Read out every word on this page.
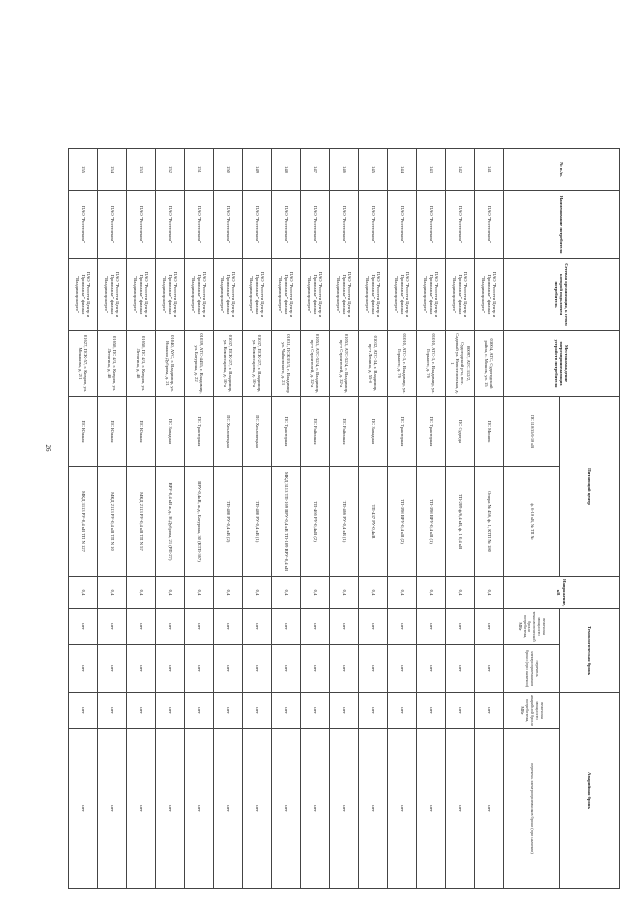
26
№ п./п.	Наименование потребителя	Сетевая организация, к сетям которой подключен потребитель	Местонахождение энергопринимающих устройств потребителя	Питающий центр		Напряжение, кВ	Технологическая бронь		Аварийная бронь	
				ПС 110/35/6-10 кВ	ф. 6-10 кВ, № ТП №		величина мощности технологической брони потребителя, МВт	перечень электроприемников брони (при наличии)	величина мощности аварийной брони потребителя, МВт	перечень электроприемников брони (при наличии)
141	ПАО "Ростелеком"	ПАО "Россети Центр и Приволжье" филиал "Владимирэнерго"	03004, АТС, Судогодский район, с. Мошок, ул. 15	ПС Мошок	Опора № 456, ф. 1, КТП № 180	0,4	нет	нет	нет	нет
142	ПАО "Ростелеком"	ПАО "Россети Центр и Приволжье" филиал "Владимирэнерго"	00097, АТС 312/2, Судогодский р-н, пос. Садовый ул. Новоселовская, д. 1	ПС Судогда	ТП-209 ф/6,4 кВ, ф. 1 0,4 кВ	0,4	нет	нет	нет	нет
143	ПАО "Ростелеком"	ПАО "Россети Центр и Приволжье" филиал "Владимирэнерго"	01010, АТС-3, г. Владимир, ул. Горького, д. 76	ПС Тракторная	ТП-398 ВРУ-0,4 кВ (1)	0,4	нет	нет	нет	нет
144	ПАО "Ростелеком"	ПАО "Россети Центр и Приволжье" филиал "Владимирэнерго"	01010, АТС-3, г. Владимир, ул. Горького, д. 76	ПС Тракторная	ТП-398 ВРУ-0,4 кВ (2)	0,4	нет	нет	нет	нет
145	ПАО "Ростелеком"	ПАО "Россети Центр и Приволжье" филиал "Владимирэнерго"	01032, АТС-34, г. Владимир, пр-т Ленина, д. 55-б	ПС Западная	ТП-437 РУ-0,4кВ	0,4	нет	нет	нет	нет
146	ПАО "Ростелеком"	ПАО "Россети Центр и Приволжье" филиал "Владимирэнерго"	01053, АТС-52/4, г. Владимир, пр-т Строителей, д. 32-а	ПС Районная	ТП-466 РУ-0,4 кВ (1)	0,4	нет	нет	нет	нет
147	ПАО "Ростелеком"	ПАО "Россети Центр и Приволжье" филиал "Владимирэнерго"	01053, АТС-52/4, г. Владимир, пр-т Строителей, д. 32-а	ПС Районная	ТП-466 РУ-0,4кВ (2)	0,4	нет	нет	нет	нет
148	ПАО "Ростелеком"	ПАО "Россети Центр и Приволжье" филиал "Владимирэнерго"	01031, ПСКЗ/3/3, г. Владимир ул. Чайковского, д. 23	ПС Тракторная	МКД 3113 ТП-169 ВРУ-0,4 кВ ТП-109 ВРУ-0,4 кВ	0,4	нет	нет	нет	нет
149	ПАО "Ростелеком"	ПАО "Россети Центр и Приволжье" филиал "Владимирэнерго"	01037, ПСК-2/7, г. Владимир, ул. Комиссарова, д. 10-а	ПС Хохловецкая	ТП-480 РУ-0,4 кВ (1)	0,4	нет	нет	нет	нет
150	ПАО "Ростелеком"	ПАО "Россети Центр и Приволжье" филиал "Владимирэнерго"	01037, ПСК-2/7, г. Владимир, ул. Комиссарова, д. 10-а	ПС Хохловецкая	ТП-480 РУ-0,4 кВ (2)	0,4	нет	нет	нет	нет
151	ПАО "Ростелеком"	ПАО "Россети Центр и Приволжье" филиал "Владимирэнерго"	01039, АТС-4455, г. Владимир, ул. Батурина, д. 22	ПС Тракторная	ВРУ-0,4кВ, ж.д., Батурина, 30 (КТП-367)	0,4	нет	нет	нет	нет
152	ПАО "Ростелеком"	ПАО "Россети Центр и Приволжье" филиал "Владимирэнерго"	01040, АУС, г. Владимир, ул. Нижняя Дуброва, д. 21	ПС Западная	ВРУ-0,4 кВ ж.д., Н.Дуброва, 21 (РП-27)	0,4	нет	нет	нет	нет
153	ПАО "Ростелеком"	ПАО "Россети Центр и Приволжье" филиал "Владимирэнерго"	01658, ПС 4/3, г. Ковров, ул. Летягина, д. 48	ПС Южная	МКД 2113 РУ-0,4 кВ ТП N 57	0,4	нет	нет	нет	нет
154	ПАО "Ростелеком"	ПАО "Россети Центр и Приволжье" филиал "Владимирэнерго"	01658, ПС 4/3, г. Ковров, ул. Летягина, д. 48	ПС Южная	МКД 2113 РУ-0,4 кВ ТП N 10	0,4	нет	нет	нет	нет
155	ПАО "Ростелеком"	ПАО "Россети Центр и Приволжье" филиал "Владимирэнерго"	01627, ПСК-57, г. Ковров, ул. Монакова, д. 2/1	ПС Южная	МКД 3113 РУ-0,4 кВ ТП N 127	0,4	нет	нет	нет	нет
